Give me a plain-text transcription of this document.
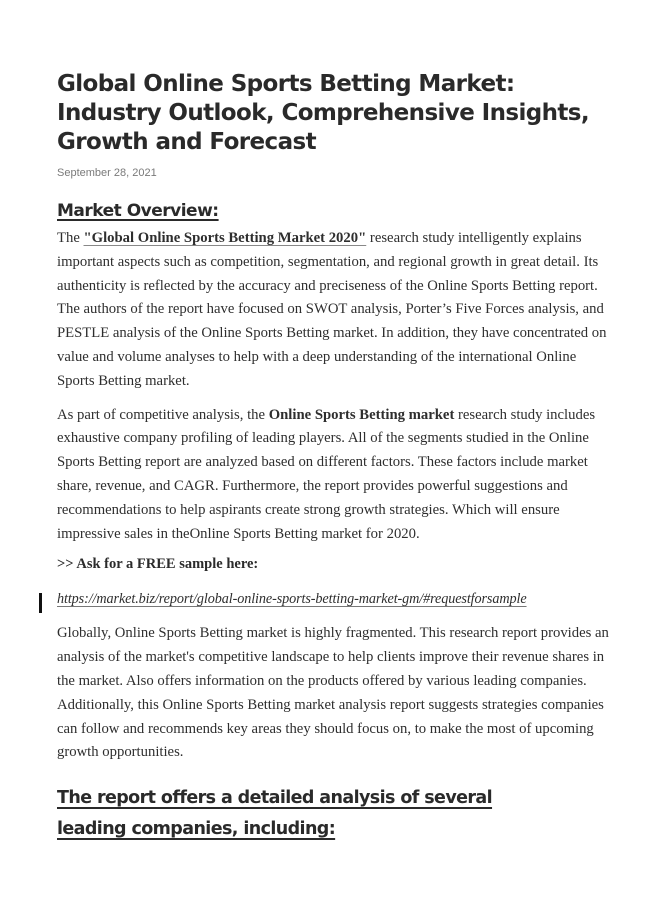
Global Online Sports Betting Market: Industry Outlook, Comprehensive Insights, Growth and Forecast
September 28, 2021
Market Overview:

The "Global Online Sports Betting Market 2020" research study intelligently explains important aspects such as competition, segmentation, and regional growth in great detail. Its authenticity is reflected by the accuracy and preciseness of the Online Sports Betting report. The authors of the report have focused on SWOT analysis, Porter’s Five Forces analysis, and PESTLE analysis of the Online Sports Betting market. In addition, they have concentrated on value and volume analyses to help with a deep understanding of the international Online Sports Betting market.

As part of competitive analysis, the Online Sports Betting market research study includes exhaustive company profiling of leading players. All of the segments studied in the Online Sports Betting report are analyzed based on different factors. These factors include market share, revenue, and CAGR. Furthermore, the report provides powerful suggestions and recommendations to help aspirants create strong growth strategies. Which will ensure impressive sales in theOnline Sports Betting market for 2020.

>> Ask for a FREE sample here:
https://market.biz/report/global-online-sports-betting-market-gm/#requestforsample

Globally, Online Sports Betting market is highly fragmented. This research report provides an analysis of the market's competitive landscape to help clients improve their revenue shares in the market. Also offers information on the products offered by various leading companies. Additionally, this Online Sports Betting market analysis report suggests strategies companies can follow and recommends key areas they should focus on, to make the most of upcoming growth opportunities.

The report offers a detailed analysis of several leading companies, including:
